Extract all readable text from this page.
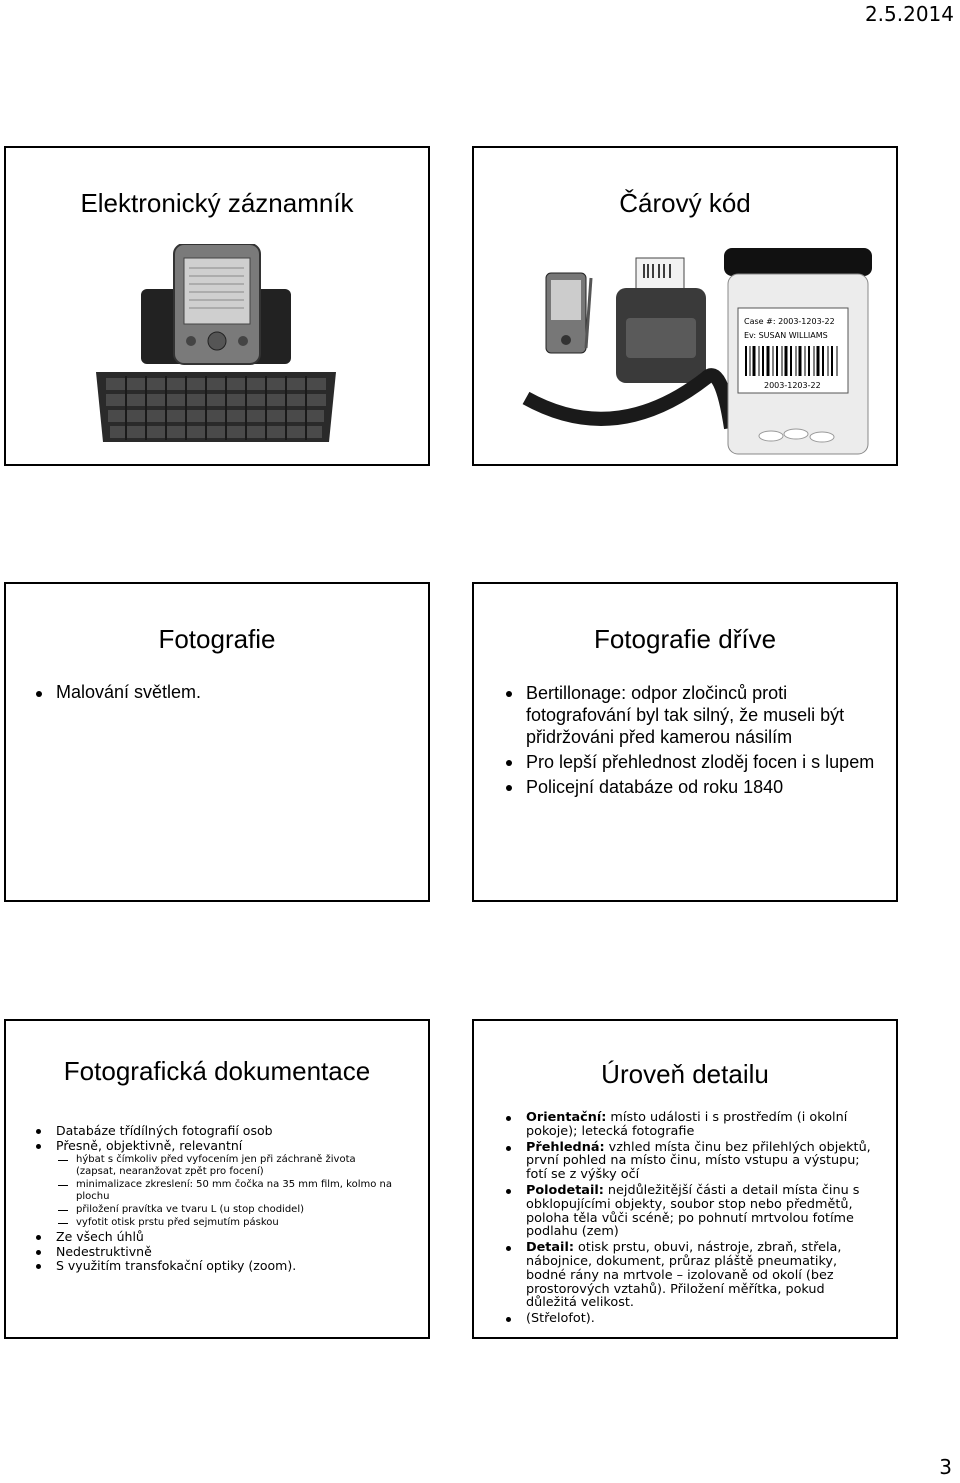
2.5.2014
Elektronický záznamník	Čárový kód
Case #: 2003-1203-22
Ev: SUSAN WILLIAMS
2003-1203-22
Fotografie
Malování světlem.
Fotografie dříve
Bertillonage: odpor zločinců proti fotografování byl tak silný, že museli být přidržováni před kamerou násilím
Pro lepší přehlednost zloděj focen i s lupem
Policejní databáze od roku 1840
Fotografická dokumentace
Databáze třídílných fotografií osob
Přesně, objektivně, relevantní
hýbat s čímkoliv před vyfocením jen při záchraně života (zapsat, nearanžovat zpět pro focení)
minimalizace zkreslení: 50 mm čočka na 35 mm film, kolmo na plochu
přiložení pravítka ve tvaru L (u stop chodidel)
vyfotit otisk prstu před sejmutím páskou
Ze všech úhlů
Nedestruktivně
S využitím transfokační optiky (zoom).
Úroveň detailu
Orientační: místo události i s prostředím (i okolní pokoje); letecká fotografie
Přehledná: vzhled místa činu bez přilehlých objektů, první pohled na místo činu, místo vstupu a výstupu; fotí se z výšky očí
Polodetail: nejdůležitější části a detail místa činu s obklopujícími objekty, soubor stop nebo předmětů, poloha těla vůči scéně; po pohnutí mrtvolou fotíme podlahu (zem)
Detail: otisk prstu, obuvi, nástroje, zbraň, střela, nábojnice, dokument, průraz pláště pneumatiky, bodné rány na mrtvole – izolovaně od okolí (bez prostorových vztahů). Přiložení měřítka, pokud důležitá velikost.
(Střelofot).
3
